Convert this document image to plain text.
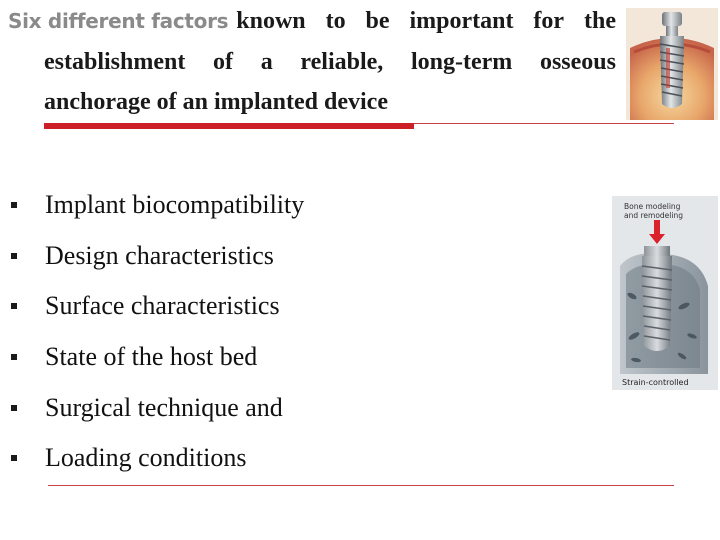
Six different factors known to be important for the
establishment of a reliable, long-term osseous
anchorage of an implanted device
Implant biocompatibility
Design characteristics
Surface characteristics
State of the host bed
Surgical technique and
Loading conditions
Bone modeling
and remodeling
Strain-controlled
